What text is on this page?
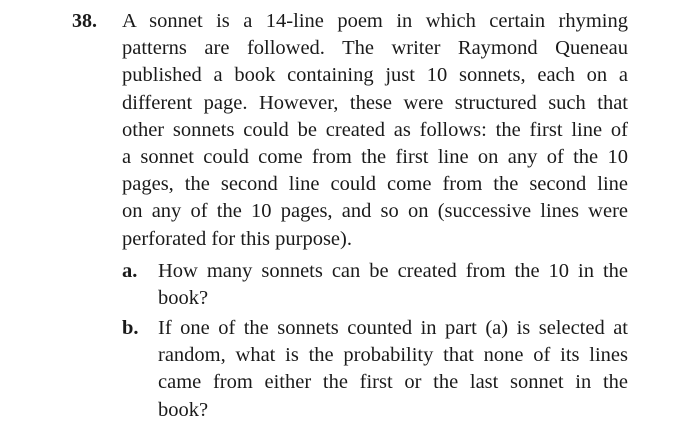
38. A sonnet is a 14-line poem in which certain rhyming
patterns are followed. The writer Raymond Queneau
published a book containing just 10 sonnets, each on a
different page. However, these were structured such that
other sonnets could be created as follows: the first line of
a sonnet could come from the first line on any of the 10
pages, the second line could come from the second line
on any of the 10 pages, and so on (successive lines were
perforated for this purpose).
a.	How many sonnets can be created from the 10 in the
book?
b. If one of the sonnets counted in part (a) is selected at
random, what is the probability that none of its lines
came from either the first or the last sonnet in the
book?
